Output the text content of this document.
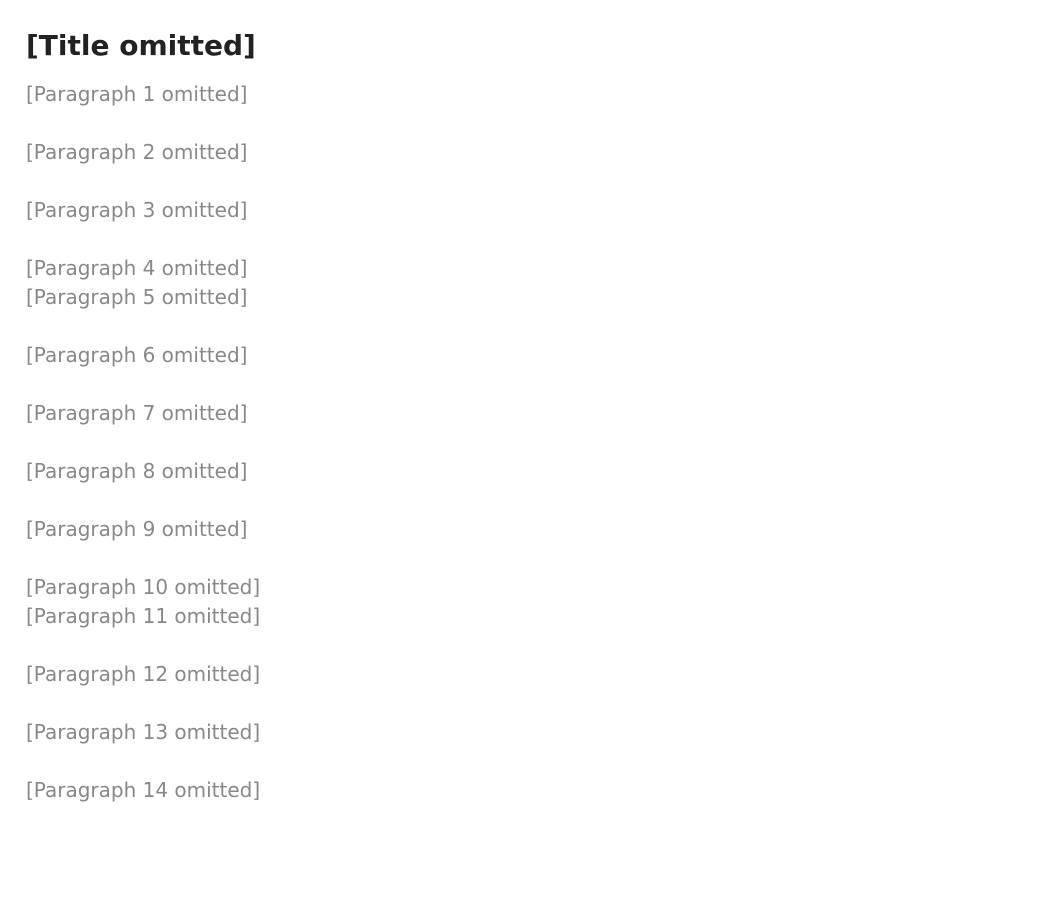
[Title omitted]

[Paragraph 1 omitted]

[Paragraph 2 omitted]

[Paragraph 3 omitted]

[Paragraph 4 omitted]

[Paragraph 5 omitted]

[Paragraph 6 omitted]

[Paragraph 7 omitted]

[Paragraph 8 omitted]

[Paragraph 9 omitted]

[Paragraph 10 omitted]

[Paragraph 11 omitted]

[Paragraph 12 omitted]

[Paragraph 13 omitted]

[Paragraph 14 omitted]
